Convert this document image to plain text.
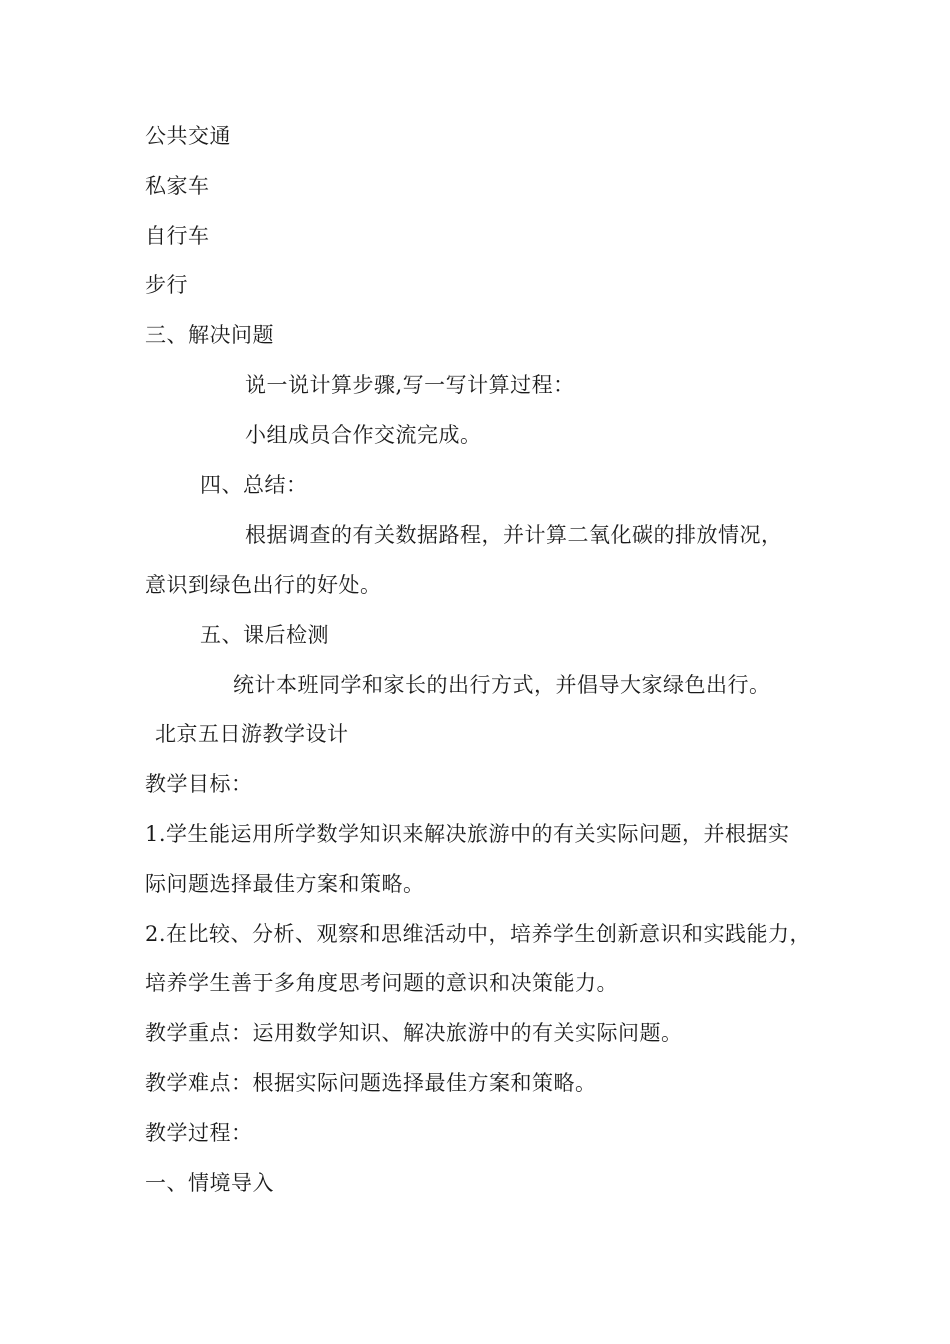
公共交通
私家车
自行车
步行
三、解决问题
说一说计算步骤,写一写计算过程：
小组成员合作交流完成。
四、总结：
根据调查的有关数据路程，并计算二氧化碳的排放情况，
意识到绿色出行的好处。
五、课后检测
统计本班同学和家长的出行方式，并倡导大家绿色出行。
北京五日游教学设计
教学目标：
1.学生能运用所学数学知识来解决旅游中的有关实际问题，并根据实
际问题选择最佳方案和策略。
2.在比较、分析、观察和思维活动中，培养学生创新意识和实践能力，
培养学生善于多角度思考问题的意识和决策能力。
教学重点：运用数学知识、解决旅游中的有关实际问题。
教学难点：根据实际问题选择最佳方案和策略。
教学过程：
一、情境导入
